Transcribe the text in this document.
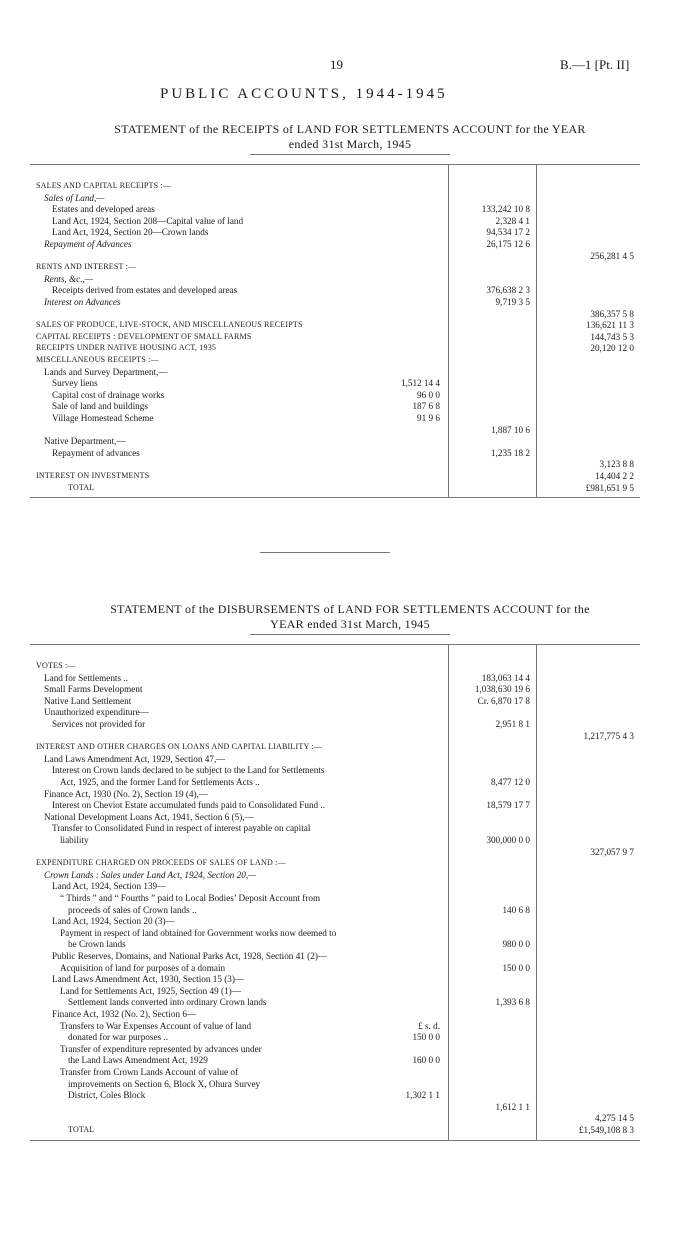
19	B.—1 [Pt. II]
PUBLIC ACCOUNTS, 1944-1945
STATEMENT of the RECEIPTS of LAND FOR SETTLEMENTS ACCOUNT for the YEAR
ended 31st March, 1945
SALES AND CAPITAL RECEIPTS :—
Sales of Land,—
Estates and developed areas	133,242 10 8
Land Act, 1924, Section 208—Capital value of land	2,328 4 1
Land Act, 1924, Section 20—Crown lands	94,534 17 2
Repayment of Advances	26,175 12 6
256,281 4 5
RENTS AND INTEREST :—
Rents, &c.,—
Receipts derived from estates and developed areas	376,638 2 3
Interest on Advances	9,719 3 5
386,357 5 8
SALES OF PRODUCE, LIVE-STOCK, AND MISCELLANEOUS RECEIPTS	136,621 11 3
CAPITAL RECEIPTS : DEVELOPMENT OF SMALL FARMS	144,743 5 3
RECEIPTS UNDER NATIVE HOUSING ACT, 1935	20,120 12 0
MISCELLANEOUS RECEIPTS :—
Lands and Survey Department,—
Survey liens	1,512 14 4
Capital cost of drainage works	96 0 0
Sale of land and buildings	187 6 8
Village Homestead Scheme	91 9 6
1,887 10 6
Native Department,—
Repayment of advances	1,235 18 2
3,123 8 8
INTEREST ON INVESTMENTS	14,404 2 2
TOTAL	£981,651 9 5
STATEMENT of the DISBURSEMENTS of LAND FOR SETTLEMENTS ACCOUNT for the
YEAR ended 31st March, 1945
VOTES :—
Land for Settlements ..	183,063 14 4
Small Farms Development	1,038,630 19 6
Native Land Settlement	Cr. 6,870 17 8
Unauthorized expenditure—
Services not provided for	2,951 8 1
1,217,775 4 3
INTEREST AND OTHER CHARGES ON LOANS AND CAPITAL LIABILITY :—
Land Laws Amendment Act, 1929, Section 47,—
Interest on Crown lands declared to be subject to the Land for Settlements
Act, 1925, and the former Land for Settlements Acts ..	8,477 12 0
Finance Act, 1930 (No. 2), Section 19 (4),—
Interest on Cheviot Estate accumulated funds paid to Consolidated Fund ..	18,579 17 7
National Development Loans Act, 1941, Section 6 (5),—
Transfer to Consolidated Fund in respect of interest payable on capital
liability	300,000 0 0
327,057 9 7
EXPENDITURE CHARGED ON PROCEEDS OF SALES OF LAND :—
Crown Lands : Sales under Land Act, 1924, Section 20,—
Land Act, 1924, Section 139—
“ Thirds ” and “ Fourths ” paid to Local Bodies’ Deposit Account from
proceeds of sales of Crown lands ..	140 6 8
Land Act, 1924, Section 20 (3)—
Payment in respect of land obtained for Government works now deemed to
be Crown lands	980 0 0
Public Reserves, Domains, and National Parks Act, 1928, Section 41 (2)—
Acquisition of land for purposes of a domain	150 0 0
Land Laws Amendment Act, 1930, Section 15 (3)—
Land for Settlements Act, 1925, Section 49 (1)—
Settlement lands converted into ordinary Crown lands	1,393 6 8
Finance Act, 1932 (No. 2), Section 6—
Transfers to War Expenses Account of value of land	£ s. d.
donated for war purposes ..	150 0 0
Transfer of expenditure represented by advances under
the Land Laws Amendment Act, 1929	160 0 0
Transfer from Crown Lands Account of value of
improvements on Section 6, Block X, Ohura Survey
District, Coles Block	1,302 1 1
1,612 1 1
4,275 14 5
TOTAL	£1,549,108 8 3
